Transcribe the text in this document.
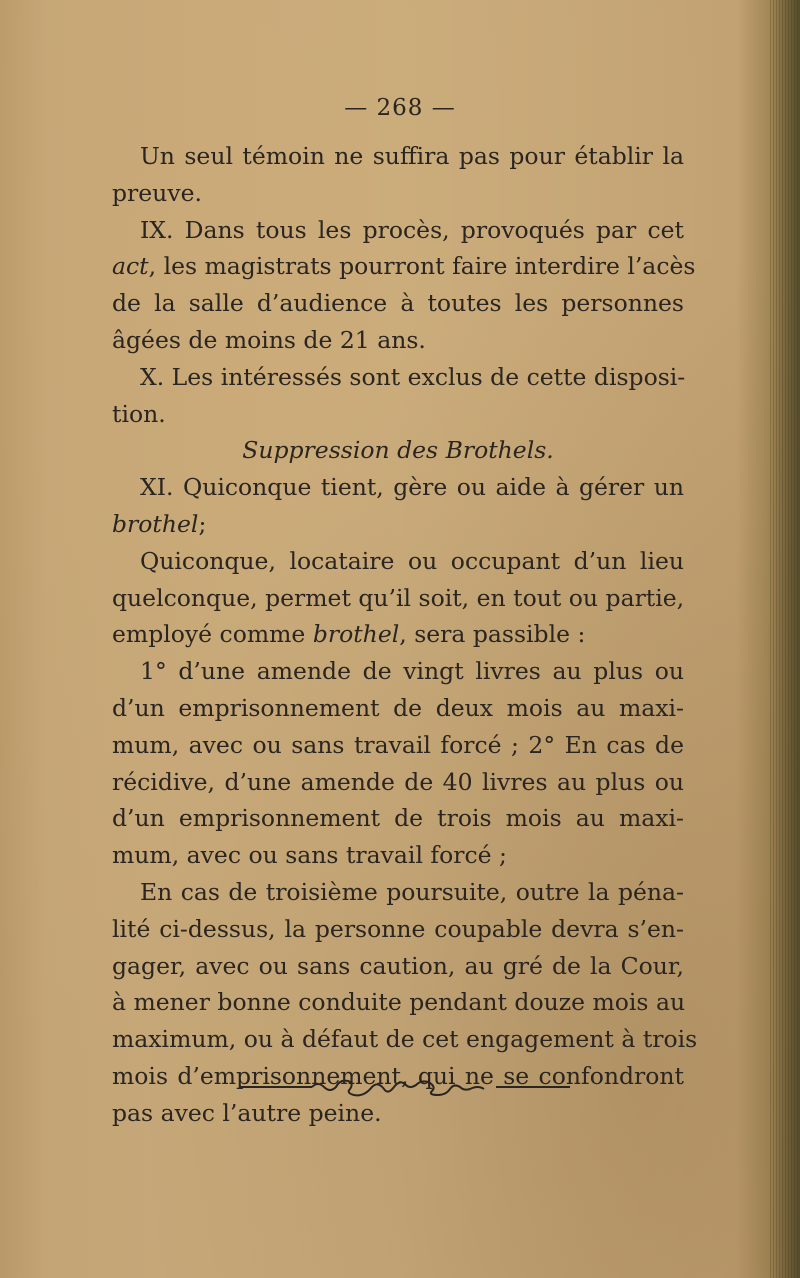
— 268 —
Un seul témoin ne suffira pas pour établir la
preuve.
IX. Dans tous les procès, provoqués par cet
act, les magistrats pourront faire interdire l’acès
de la salle d’audience à toutes les personnes
âgées de moins de 21 ans.
X. Les intéressés sont exclus de cette disposi-
tion.
Suppression des Brothels.
XI. Quiconque tient, gère ou aide à gérer un
brothel;
Quiconque, locataire ou occupant d’un lieu
quelconque, permet qu’il soit, en tout ou partie,
employé comme brothel, sera passible :
1° d’une amende de vingt livres au plus ou
d’un emprisonnement de deux mois au maxi-
mum, avec ou sans travail forcé ; 2° En cas de
récidive, d’une amende de 40 livres au plus ou
d’un emprisonnement de trois mois au maxi-
mum, avec ou sans travail forcé ;
En cas de troisième poursuite, outre la péna-
lité ci-dessus, la personne coupable devra s’en-
gager, avec ou sans caution, au gré de la Cour,
à mener bonne conduite pendant douze mois au
maximum, ou à défaut de cet engagement à trois
mois d’emprisonnement, qui ne se confondront
pas avec l’autre peine.
